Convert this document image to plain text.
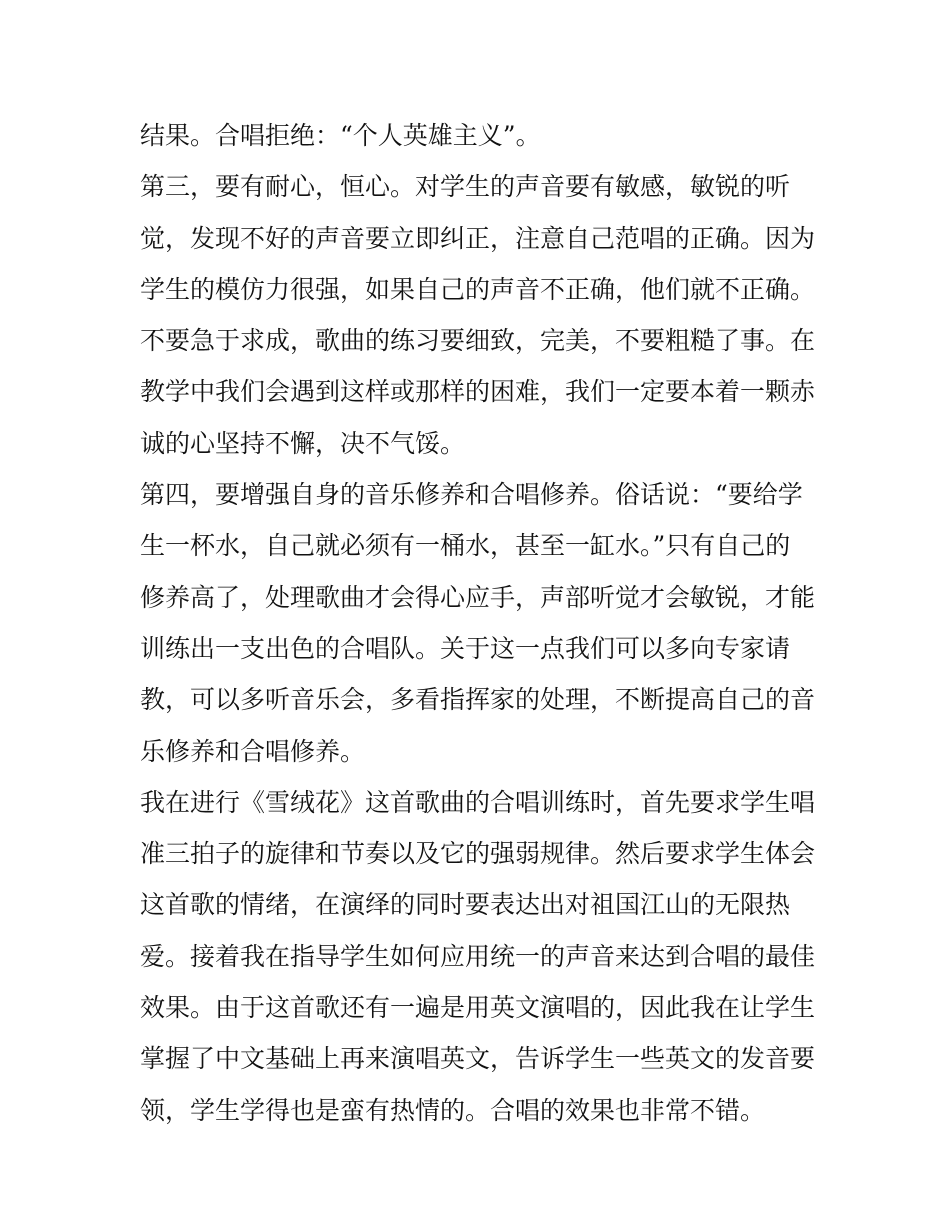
结果。合唱拒绝：“个人英雄主义”。
第三，要有耐心，恒心。对学生的声音要有敏感，敏锐的听
觉，发现不好的声音要立即纠正，注意自己范唱的正确。因为
学生的模仿力很强，如果自己的声音不正确，他们就不正确。
不要急于求成，歌曲的练习要细致，完美，不要粗糙了事。在
教学中我们会遇到这样或那样的困难，我们一定要本着一颗赤
诚的心坚持不懈，决不气馁。
第四，要增强自身的音乐修养和合唱修养。俗话说：“要给学
生一杯水，自己就必须有一桶水，甚至一缸水。”只有自己的
修养高了，处理歌曲才会得心应手，声部听觉才会敏锐，才能
训练出一支出色的合唱队。关于这一点我们可以多向专家请
教，可以多听音乐会，多看指挥家的处理，不断提高自己的音
乐修养和合唱修养。
我在进行《雪绒花》这首歌曲的合唱训练时，首先要求学生唱
准三拍子的旋律和节奏以及它的强弱规律。然后要求学生体会
这首歌的情绪，在演绎的同时要表达出对祖国江山的无限热
爱。接着我在指导学生如何应用统一的声音来达到合唱的最佳
效果。由于这首歌还有一遍是用英文演唱的，因此我在让学生
掌握了中文基础上再来演唱英文，告诉学生一些英文的发音要
领，学生学得也是蛮有热情的。合唱的效果也非常不错。
